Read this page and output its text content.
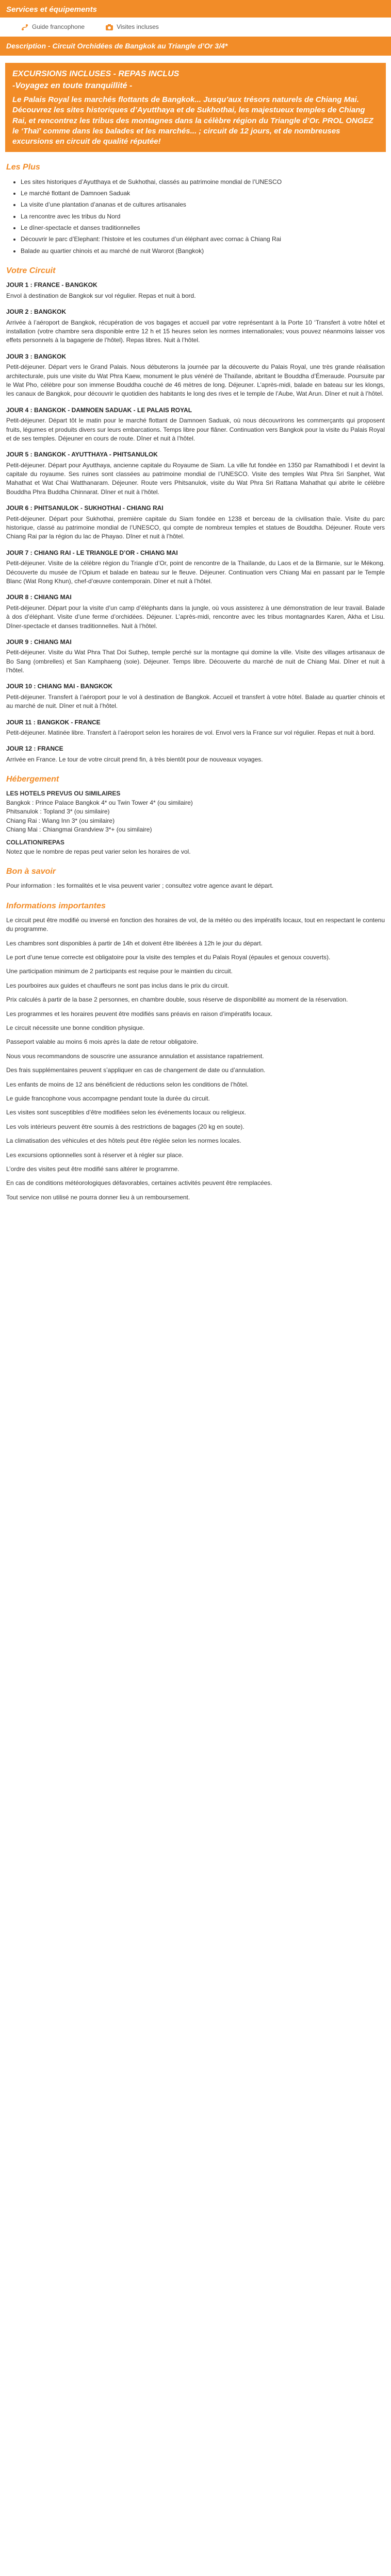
Services et équipements
Guide francophone	Visites incluses
Description - Circuit Orchidées de Bangkok au Triangle d’Or 3/4*
EXCURSIONS INCLUSES - REPAS INCLUS
-Voyagez en toute tranquillité -
Le Palais Royal les marchés flottants de Bangkok... Jusqu’aux trésors naturels de Chiang Mai. Découvrez les sites historiques d’Ayutthaya et de Sukhothai, les majestueux temples de Chiang Rai, et rencontrez les tribus des montagnes dans la célèbre région du Triangle d’Or. PROL ONGEZ le ‘Thaï’ comme dans les balades et les marchés... ; circuit de 12 jours, et de nombreuses excursions en circuit de qualité réputée!
Les Plus
• Les sites historiques d’Ayutthaya et de Sukhothai, classés au patrimoine mondial de l’UNESCO
• Le marché flottant de Damnoen Saduak
• La visite d’une plantation d’ananas et de cultures artisanales
• La rencontre avec les tribus du Nord
• Le dîner-spectacle et danses traditionnelles
• Découvrir le parc d’Elephant: l’histoire et les coutumes d’un éléphant avec cornac à Chiang Rai
• Balade au quartier chinois et au marché de nuit Warorot (Bangkok)
Votre Circuit
JOUR 1 : FRANCE - BANGKOK
Envol à destination de Bangkok sur vol régulier. Repas et nuit à bord.
JOUR 2 : BANGKOK
Arrivée à l’aéroport de Bangkok, récupération de vos bagages et accueil par votre représentant à la Porte 10 ‘Transfert à votre hôtel et installation (votre chambre sera disponible entre 12 h et 15 heures selon les normes internationales; vous pouvez néanmoins laisser vos effets personnels à la bagagerie de l’hôtel). Repas libres. Nuit à l’hôtel.
JOUR 3 : BANGKOK
Petit-déjeuner. Départ vers le Grand Palais. Nous débuterons la journée par la découverte du Palais Royal, une très grande réalisation architecturale, puis une visite du Wat Phra Kaew, monument le plus vénéré de Thaïlande, abritant le Bouddha d’Émeraude. Poursuite par le Wat Pho, célèbre pour son immense Bouddha couché de 46 mètres de long. Déjeuner. L’après-midi, balade en bateau sur les klongs, les canaux de Bangkok, pour découvrir le quotidien des habitants le long des rives et le temple de l’Aube, Wat Arun. Dîner et nuit à l’hôtel.
JOUR 4 : BANGKOK - DAMNOEN SADUAK - LE PALAIS ROYAL
Petit-déjeuner. Départ tôt le matin pour le marché flottant de Damnoen Saduak, où nous découvrirons les commerçants qui proposent fruits, légumes et produits divers sur leurs embarcations. Temps libre pour flâner. Continuation vers Bangkok pour la visite du Palais Royal et de ses temples. Déjeuner en cours de route. Dîner et nuit à l’hôtel.
JOUR 5 : BANGKOK - AYUTTHAYA - PHITSANULOK
Petit-déjeuner. Départ pour Ayutthaya, ancienne capitale du Royaume de Siam. La ville fut fondée en 1350 par Ramathibodi I et devint la capitale du royaume. Ses ruines sont classées au patrimoine mondial de l’UNESCO. Visite des temples Wat Phra Sri Sanphet, Wat Mahathat et Wat Chai Watthanaram. Déjeuner. Route vers Phitsanulok, visite du Wat Phra Sri Rattana Mahathat qui abrite le célèbre Bouddha Phra Buddha Chinnarat. Dîner et nuit à l’hôtel.
JOUR 6 : PHITSANULOK - SUKHOTHAI - CHIANG RAI
Petit-déjeuner. Départ pour Sukhothai, première capitale du Siam fondée en 1238 et berceau de la civilisation thaïe. Visite du parc historique, classé au patrimoine mondial de l’UNESCO, qui compte de nombreux temples et statues de Bouddha. Déjeuner. Route vers Chiang Rai par la région du lac de Phayao. Dîner et nuit à l’hôtel.
JOUR 7 : CHIANG RAI - LE TRIANGLE D’OR - CHIANG MAI
Petit-déjeuner. Visite de la célèbre région du Triangle d’Or, point de rencontre de la Thaïlande, du Laos et de la Birmanie, sur le Mékong. Découverte du musée de l’Opium et balade en bateau sur le fleuve. Déjeuner. Continuation vers Chiang Mai en passant par le Temple Blanc (Wat Rong Khun), chef-d’œuvre contemporain. Dîner et nuit à l’hôtel.
JOUR 8 : CHIANG MAI
Petit-déjeuner. Départ pour la visite d’un camp d’éléphants dans la jungle, où vous assisterez à une démonstration de leur travail. Balade à dos d’éléphant. Visite d’une ferme d’orchidées. Déjeuner. L’après-midi, rencontre avec les tribus montagnardes Karen, Akha et Lisu. Dîner-spectacle et danses traditionnelles. Nuit à l’hôtel.
JOUR 9 : CHIANG MAI
Petit-déjeuner. Visite du Wat Phra That Doi Suthep, temple perché sur la montagne qui domine la ville. Visite des villages artisanaux de Bo Sang (ombrelles) et San Kamphaeng (soie). Déjeuner. Temps libre. Découverte du marché de nuit de Chiang Mai. Dîner et nuit à l’hôtel.
JOUR 10 : CHIANG MAI - BANGKOK
Petit-déjeuner. Transfert à l’aéroport pour le vol à destination de Bangkok. Accueil et transfert à votre hôtel. Balade au quartier chinois et au marché de nuit. Dîner et nuit à l’hôtel.
JOUR 11 : BANGKOK - FRANCE
Petit-déjeuner. Matinée libre. Transfert à l’aéroport selon les horaires de vol. Envol vers la France sur vol régulier. Repas et nuit à bord.
JOUR 12 : FRANCE
Arrivée en France. Le tour de votre circuit prend fin, à très bientôt pour de nouveaux voyages.
Hébergement
LES HOTELS PREVUS OU SIMILAIRES
Bangkok : Prince Palace Bangkok 4* ou Twin Tower 4* (ou similaire)
Phitsanulok : Topland 3* (ou similaire)
Chiang Rai : Wiang Inn 3* (ou similaire)
Chiang Mai : Chiangmai Grandview 3*+ (ou similaire)
COLLATION/REPAS
Notez que le nombre de repas peut varier selon les horaires de vol.
Bon à savoir

Pour information : les formalités et le visa peuvent varier ; consultez votre agence avant le départ.

Informations importantes

Le circuit peut être modifié ou inversé en fonction des horaires de vol, de la météo ou des impératifs locaux, tout en respectant le contenu du programme.

Les chambres sont disponibles à partir de 14h et doivent être libérées à 12h le jour du départ.

Le port d’une tenue correcte est obligatoire pour la visite des temples et du Palais Royal (épaules et genoux couverts).

Une participation minimum de 2 participants est requise pour le maintien du circuit.

Les pourboires aux guides et chauffeurs ne sont pas inclus dans le prix du circuit.

Prix calculés à partir de la base 2 personnes, en chambre double, sous réserve de disponibilité au moment de la réservation.

Les programmes et les horaires peuvent être modifiés sans préavis en raison d’impératifs locaux.

Le circuit nécessite une bonne condition physique.

Passeport valable au moins 6 mois après la date de retour obligatoire.

Nous vous recommandons de souscrire une assurance annulation et assistance rapatriement.

Des frais supplémentaires peuvent s’appliquer en cas de changement de date ou d’annulation.

Les enfants de moins de 12 ans bénéficient de réductions selon les conditions de l’hôtel.

Le guide francophone vous accompagne pendant toute la durée du circuit.

Les visites sont susceptibles d’être modifiées selon les événements locaux ou religieux.

Les vols intérieurs peuvent être soumis à des restrictions de bagages (20 kg en soute).

La climatisation des véhicules et des hôtels peut être réglée selon les normes locales.

Les excursions optionnelles sont à réserver et à régler sur place.

L’ordre des visites peut être modifié sans altérer le programme.

En cas de conditions météorologiques défavorables, certaines activités peuvent être remplacées.

Tout service non utilisé ne pourra donner lieu à un remboursement.
